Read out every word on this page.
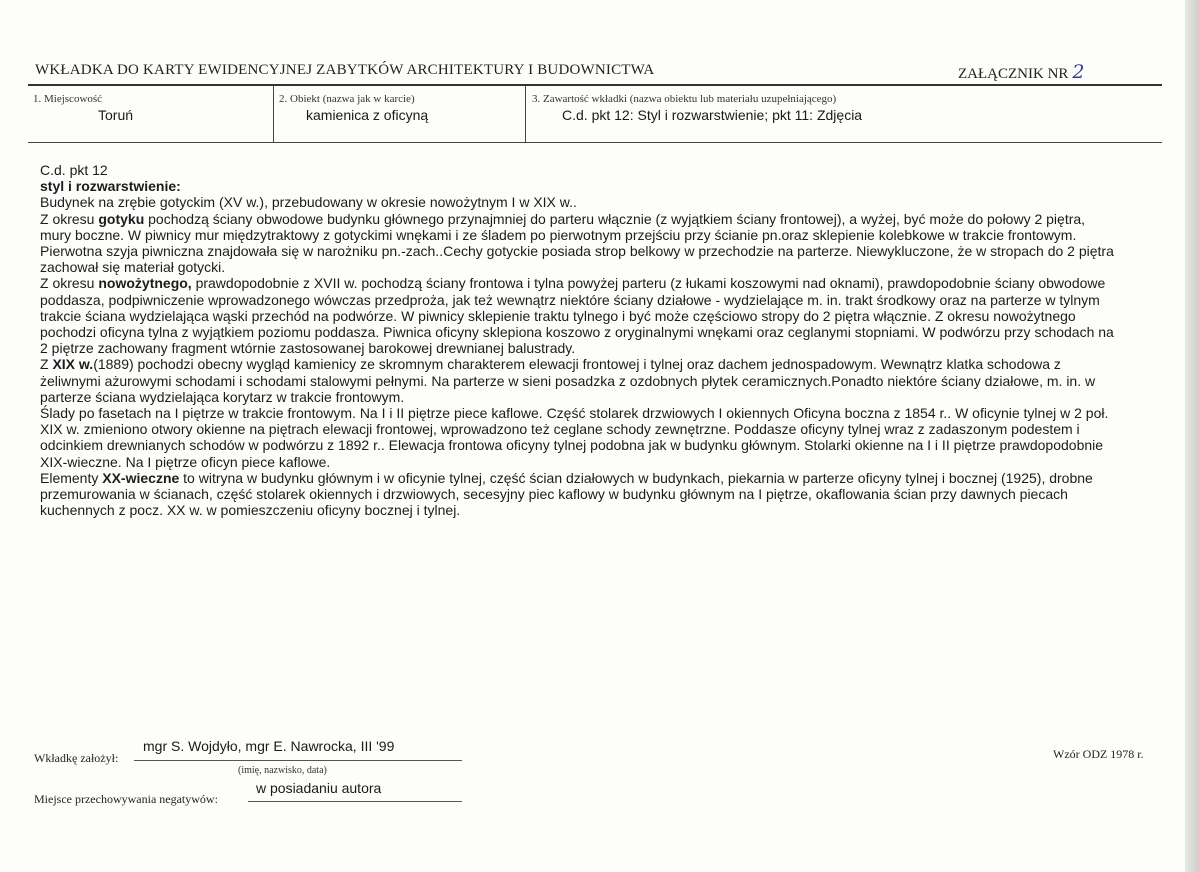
WKŁADKA DO KARTY EWIDENCYJNEJ ZABYTKÓW ARCHITEKTURY I BUDOWNICTWA	ZAŁĄCZNIK NR 2
1. Miejscowość
Toruń
2. Obiekt (nazwa jak w karcie)
kamienica z oficyną
3. Zawartość wkładki (nazwa obiektu lub materiału uzupełniającego)
C.d. pkt 12: Styl i rozwarstwienie; pkt 11: Zdjęcia

C.d. pkt 12

styl i rozwarstwienie:

Budynek na zrębie gotyckim (XV w.), przebudowany w okresie nowożytnym I w XIX w..

Z okresu gotyku pochodzą ściany obwodowe budynku głównego przynajmniej do parteru włącznie (z wyjątkiem ściany frontowej), a wyżej, być może do połowy 2 piętra, mury boczne. W piwnicy mur międzytraktowy z gotyckimi wnękami i ze śladem po pierwotnym przejściu przy ścianie pn.oraz sklepienie kolebkowe w trakcie frontowym. Pierwotna szyja piwniczna znajdowała się w narożniku pn.-zach..Cechy gotyckie posiada strop belkowy w przechodzie na parterze. Niewykluczone, że w stropach do 2 piętra zachował się materiał gotycki.

Z okresu nowożytnego, prawdopodobnie z XVII w. pochodzą ściany frontowa i tylna powyżej parteru (z łukami koszowymi nad oknami), prawdopodobnie ściany obwodowe poddasza, podpiwniczenie wprowadzonego wówczas przedproża, jak też wewnątrz niektóre ściany działowe - wydzielające m. in. trakt środkowy oraz na parterze w tylnym trakcie ściana wydzielająca wąski przechód na podwórze. W piwnicy sklepienie traktu tylnego i być może częściowo stropy do 2 piętra włącznie. Z okresu nowożytnego pochodzi oficyna tylna z wyjątkiem poziomu poddasza. Piwnica oficyny sklepiona koszowo z oryginalnymi wnękami oraz ceglanymi stopniami. W podwórzu przy schodach na 2 piętrze zachowany fragment wtórnie zastosowanej barokowej drewnianej balustrady.

Z XIX w.(1889) pochodzi obecny wygląd kamienicy ze skromnym charakterem elewacji frontowej i tylnej oraz dachem jednospadowym. Wewnątrz klatka schodowa z żeliwnymi ażurowymi schodami i schodami stalowymi pełnymi. Na parterze w sieni posadzka z ozdobnych płytek ceramicznych.Ponadto niektóre ściany działowe, m. in. w parterze ściana wydzielająca korytarz w trakcie frontowym.

Ślady po fasetach na I piętrze w trakcie frontowym. Na I i II piętrze piece kaflowe. Część stolarek drzwiowych I okiennych Oficyna boczna z 1854 r.. W oficynie tylnej w 2 poł. XIX w. zmieniono otwory okienne na piętrach elewacji frontowej, wprowadzono też ceglane schody zewnętrzne. Poddasze oficyny tylnej wraz z zadaszonym podestem i odcinkiem drewnianych schodów w podwórzu z 1892 r.. Elewacja frontowa oficyny tylnej podobna jak w budynku głównym. Stolarki okienne na I i II piętrze prawdopodobnie XIX-wieczne. Na I piętrze oficyn piece kaflowe.

Elementy XX-wieczne to witryna w budynku głównym i w oficynie tylnej, część ścian działowych w budynkach, piekarnia w parterze oficyny tylnej i bocznej (1925), drobne przemurowania w ścianach, część stolarek okiennych i drzwiowych, secesyjny piec kaflowy w budynku głównym na I piętrze, okaflowania ścian przy dawnych piecach kuchennych z pocz. XX w. w pomieszczeniu oficyny bocznej i tylnej.

Wkładkę założył:
mgr S. Wojdyło, mgr E. Nawrocka, III '99
(imię, nazwisko, data)
Miejsce przechowywania negatywów:
w posiadaniu autora
Wzór ODZ 1978 r.
